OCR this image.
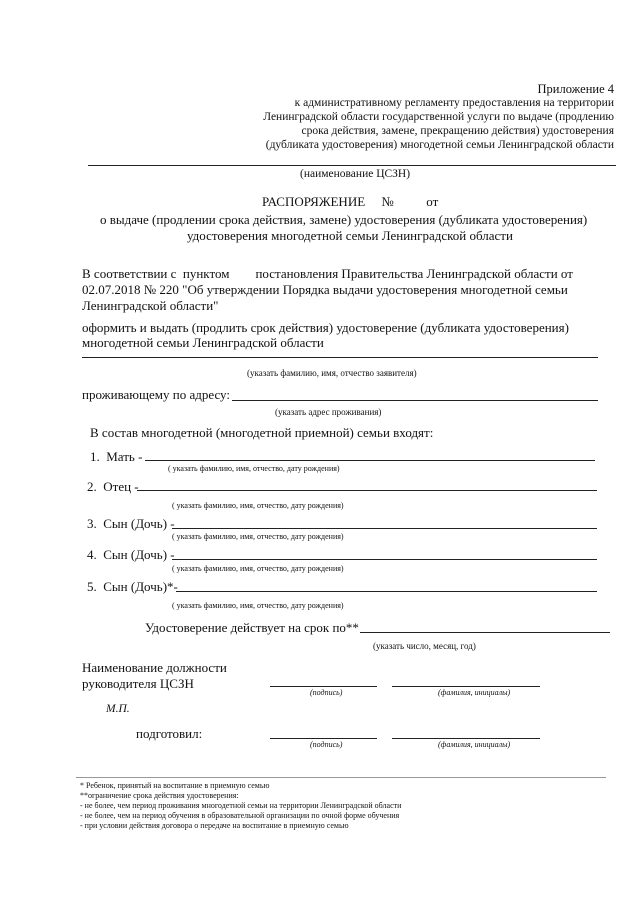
Приложение 4
к административному регламенту предоставления на территории
Ленинградской области государственной услуги по выдаче (продлению
срока действия, замене, прекращению действия) удостоверения
(дубликата удостоверения) многодетной семьи Ленинградской области
(наименование ЦСЗН)
РАСПОРЯЖЕНИЕ     №          от
о выдаче (продлении срока действия, замене) удостоверения (дубликата удостоверения)
удостоверения многодетной семьи Ленинградской области
В соответствии с  пунктом        постановления Правительства Ленинградской области от
02.07.2018 № 220 "Об утверждении Порядка выдачи удостоверения многодетной семьи
Ленинградской области"
оформить и выдать (продлить срок действия) удостоверение (дубликата удостоверения)
многодетной семьи Ленинградской области
(указать фамилию, имя, отчество заявителя)
проживающему по адресу:
(указать адрес проживания)
В состав многодетной (многодетной приемной) семьи входят:
1.  Мать -
( указать фамилию, имя, отчество, дату рождения)
2.  Отец -
( указать фамилию, имя, отчество, дату рождения)
3.  Сын (Дочь) -
( указать фамилию, имя, отчество, дату рождения)
4.  Сын (Дочь) -
( указать фамилию, имя, отчество, дату рождения)
5.  Сын (Дочь)*-
( указать фамилию, имя, отчество, дату рождения)
Удостоверение действует на срок по**
(указать число, месяц, год)
Наименование должности
руководителя ЦСЗН
(подпись)	(фамилия, инициалы)
М.П.
подготовил:
(подпись)	(фамилия, инициалы)
* Ребенок, принятый на воспитание в приемную семью
**ограничение срока действия удостоверения:
- не более, чем период проживания многодетной семьи на территории Ленинградской области
- не более, чем на период обучения в образовательной организации по очной форме обучения
- при условии действия договора о передаче на воспитание в приемную семью
